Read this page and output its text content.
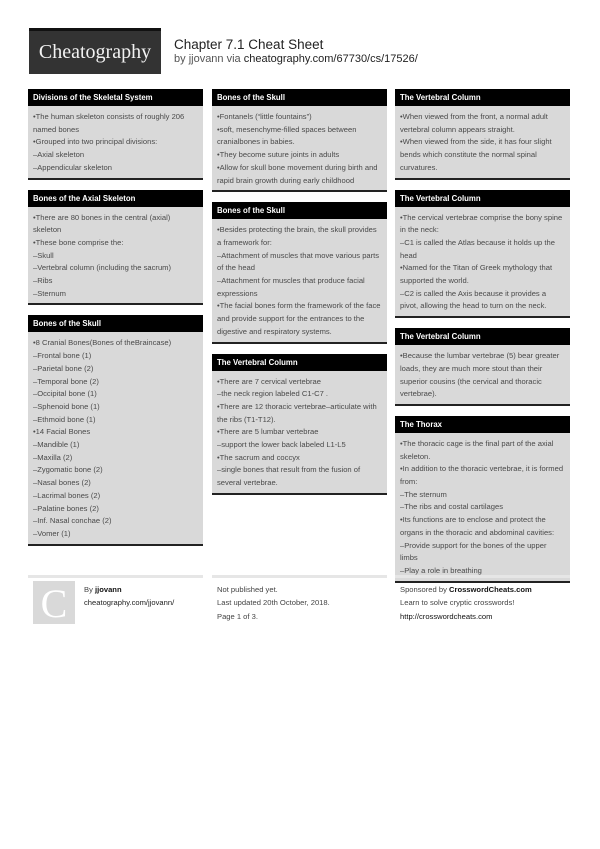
Cheatography	Chapter 7.1 Cheat Sheet
by jjovann via cheatography.com/67730/cs/17526/
Divisions of the Skeletal System
•The human skeleton consists of roughly 206 named bones
•Grouped into two principal divisions:
–Axial skeleton
–Appendicular skeleton
Bones of the Axial Skeleton
•There are 80 bones in the central (axial) skeleton
•These bone comprise the:
–Skull
–Vertebral column (including the sacrum)
–Ribs
–Sternum
Bones of the Skull
•8 Cranial Bones(Bones of theBraincase)
–Frontal bone (1)
–Parietal bone (2)
–Temporal bone (2)
–Occipital bone (1)
–Sphenoid bone (1)
–Ethmoid bone (1)
•14 Facial Bones
–Mandible (1)
–Maxilla (2)
–Zygomatic bone (2)
–Nasal bones (2)
–Lacrimal bones (2)
–Palatine bones (2)
–Inf. Nasal conchae (2)
–Vomer (1)
Bones of the Skull
•Fontanels (“little fountains”)
•soft, mesenchyme-filled spaces between cranialbones in babies.
•They become suture joints in adults
•Allow for skull bone movement during birth and rapid brain growth during early childhood
Bones of the Skull
•Besides protecting the brain, the skull provides a framework for:
–Attachment of muscles that move various parts of the head
–Attachment for muscles that produce facial expressions
•The facial bones form the framework of the face and provide support for the entrances to the digestive and respiratory systems.
The Vertebral Column
•There are 7 cervical vertebrae
–the neck region labeled C1-C7 .
•There are 12 thoracic vertebrae–articulate with the ribs (T1-T12).
•There are 5 lumbar vertebrae
–support the lower back labeled L1-L5
•The sacrum and coccyx
–single bones that result from the fusion of several vertebrae.
The Vertebral Column
•When viewed from the front, a normal adult vertebral column appears straight.
•When viewed from the side, it has four slight bends which constitute the normal spinal curvatures.
The Vertebral Column
•The cervical vertebrae comprise the bony spine in the neck:
–C1 is called the Atlas because it holds up the head
•Named for the Titan of Greek mythology that supported the world.
–C2 is called the Axis because it provides a pivot, allowing the head to turn on the neck.
The Vertebral Column
•Because the lumbar vertebrae (5) bear greater loads, they are much more stout than their superior cousins (the cervical and thoracic vertebrae).
The Thorax
•The thoracic cage is the final part of the axial skeleton.
•In addition to the thoracic vertebrae, it is formed from:
–The sternum
–The ribs and costal cartilages
•Its functions are to enclose and protect the organs in the thoracic and abdominal cavities:
–Provide support for the bones of the upper limbs
–Play a role in breathing
C	By jjovann
cheatography.com/jjovann/
Not published yet.
Last updated 20th October, 2018.
Page 1 of 3.
Sponsored by CrosswordCheats.com
Learn to solve cryptic crosswords!
http://crosswordcheats.com
